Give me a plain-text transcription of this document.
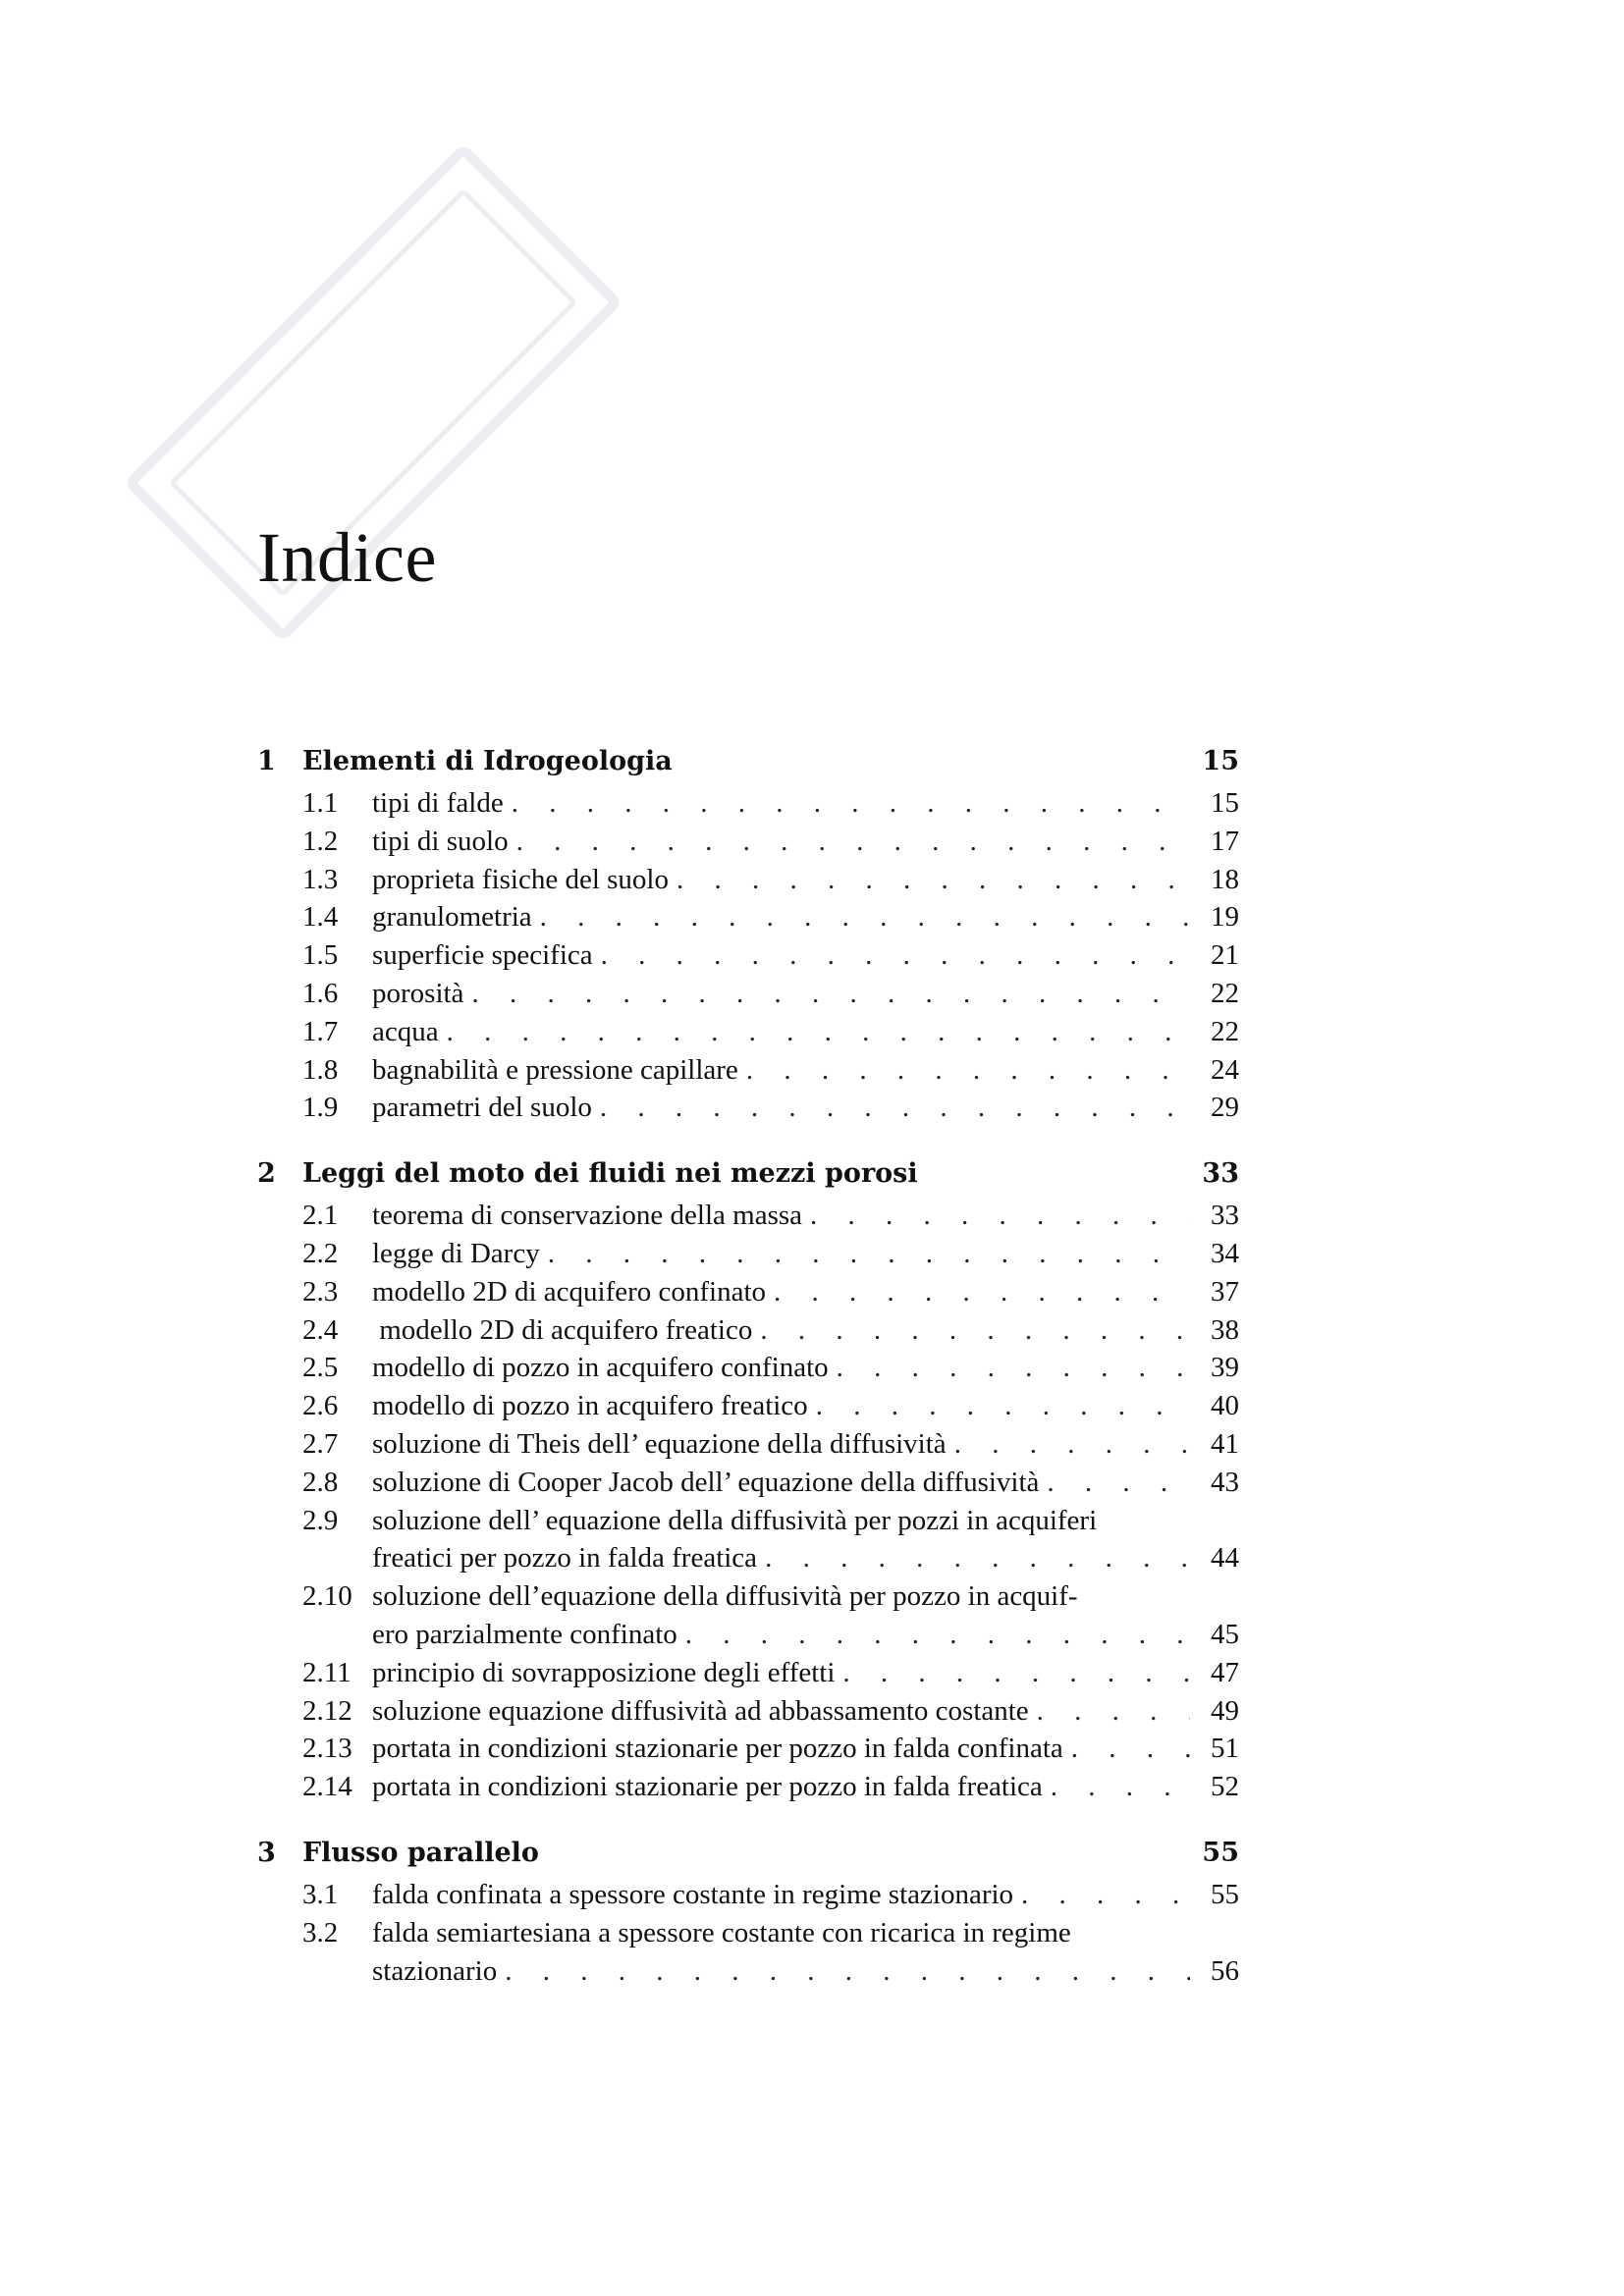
Indice
1	Elementi di Idrogeologia	15
1.1	tipi di falde . . .	15
1.2	tipi di suolo . . .	17
1.3	proprieta fisiche del suolo . . .	18
1.4	granulometria . . .	19
1.5	superficie specifica . . .	21
1.6	porosità . . .	22
1.7	acqua . . .	22
1.8	bagnabilità e pressione capillare . . .	24
1.9	parametri del suolo . . .	29
2	Leggi del moto dei fluidi nei mezzi porosi	33
2.1	teorema di conservazione della massa . . .	33
2.2	legge di Darcy . . .	34
2.3	modello 2D di acquifero confinato . . .	37
2.4	modello 2D di acquifero freatico . . .	38
2.5	modello di pozzo in acquifero confinato . . .	39
2.6	modello di pozzo in acquifero freatico . . .	40
2.7	soluzione di Theis dell’ equazione della diffusività . . .	41
2.8	soluzione di Cooper Jacob dell’ equazione della diffusività . . .	43
2.9	soluzione dell’ equazione della diffusività per pozzi in acquiferi
freatici per pozzo in falda freatica . . .	44
2.10 soluzione dell’equazione della diffusività per pozzo in acquif-
ero parzialmente confinato . . .	45
2.11 principio di sovrapposizione degli effetti . . .	47
2.12 soluzione equazione diffusività ad abbassamento costante . . .	49
2.13 portata in condizioni stazionarie per pozzo in falda confinata . . .	51
2.14 portata in condizioni stazionarie per pozzo in falda freatica . . .	52
3	Flusso parallelo	55
3.1	falda confinata a spessore costante in regime stazionario . . .	55
3.2	falda semiartesiana a spessore costante con ricarica in regime
stazionario . . .	56
